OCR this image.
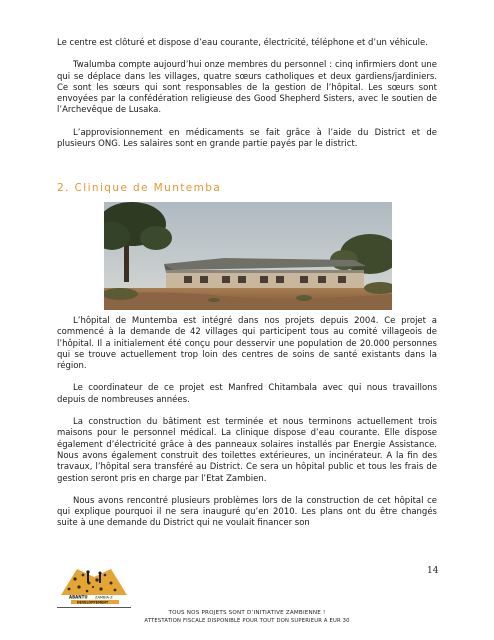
Le centre est clôturé et dispose d’eau courante, électricité, téléphone et d’un véhicule.

Twalumba compte aujourd’hui onze membres du personnel : cinq infirmiers dont une qui se déplace dans les villages, quatre sœurs catholiques et deux gardiens/jardiniers. Ce sont les sœurs qui sont responsables de la gestion de l’hôpital. Les sœurs sont envoyées par la confédération religieuse des Good Shepherd Sisters, avec le soutien de l’Archevêque de Lusaka.

L’approvisionnement en médicaments se fait grâce à l’aide du District et de plusieurs ONG. Les salaires sont en grande partie payés par le district.

2. Clinique de Muntemba

L’hôpital de Muntemba est intégré dans nos projets depuis 2004. Ce projet a commencé à la demande de 42 villages qui participent tous au comité villageois de l’hôpital. Il a initialement été conçu pour desservir une population de 20.000 personnes qui se trouve actuellement trop loin des centres de soins de santé existants dans la région.

Le coordinateur de ce projet est Manfred Chitambala avec qui nous travaillons depuis de nombreuses années.

La construction du bâtiment est terminée et nous terminons actuellement trois maisons pour le personnel médical. La clinique dispose d’eau courante. Elle dispose également d’électricité grâce à des panneaux solaires installés par Energie Assistance. Nous avons également construit des toilettes extérieures, un incinérateur. A la fin des travaux, l’hôpital sera transféré au District. Ce sera un hôpital public et tous les frais de gestion seront pris en charge par l’Etat Zambien.

Nous avons rencontré plusieurs problèmes lors de la construction de cet hôpital ce qui explique pourquoi il ne sera inauguré qu’en 2010. Les plans ont du être changés suite à une demande du District qui ne voulait financer son

14
ABANTU ZAMBIA-Z
DEVELOPPEMENT
TOUS NOS PROJETS SONT D’INITIATIVE ZAMBIENNE !
ATTESTATION FISCALE DISPONIBLE POUR TOUT DON SUPERIEUR A EUR 30
